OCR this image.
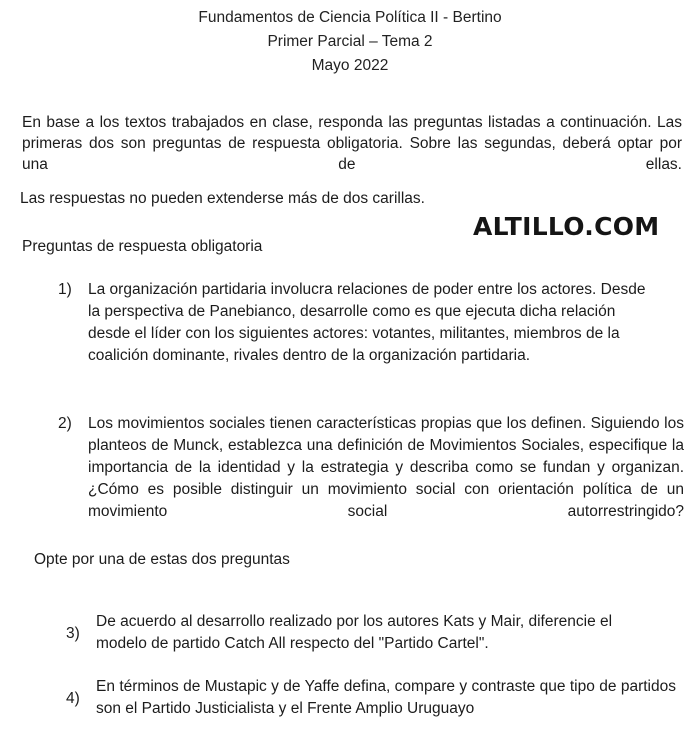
Fundamentos de Ciencia Política II - Bertino
Primer Parcial – Tema 2
Mayo 2022
En base a los textos trabajados en clase, responda las preguntas listadas a continuación. Las primeras dos son preguntas de respuesta obligatoria. Sobre las segundas, deberá optar por una de ellas.
Las respuestas no pueden extenderse más de dos carillas.
ALTILLO.COM
Preguntas de respuesta obligatoria
1) La organización partidaria involucra relaciones de poder entre los actores. Desde la perspectiva de Panebianco, desarrolle como es que ejecuta dicha relación desde el líder con los siguientes actores: votantes, militantes, miembros de la coalición dominante, rivales dentro de la organización partidaria.
2) Los movimientos sociales tienen características propias que los definen. Siguiendo los planteos de Munck, establezca una definición de Movimientos Sociales, especifique la importancia de la identidad y la estrategia y describa como se fundan y organizan. ¿Cómo es posible distinguir un movimiento social con orientación política de un movimiento social autorrestringido?
Opte por una de estas dos preguntas
3)
De acuerdo al desarrollo realizado por los autores Kats y Mair, diferencie el modelo de partido Catch All respecto del "Partido Cartel".
4)
En términos de Mustapic y de Yaffe defina, compare y contraste que tipo de partidos son el Partido Justicialista y el Frente Amplio Uruguayo
